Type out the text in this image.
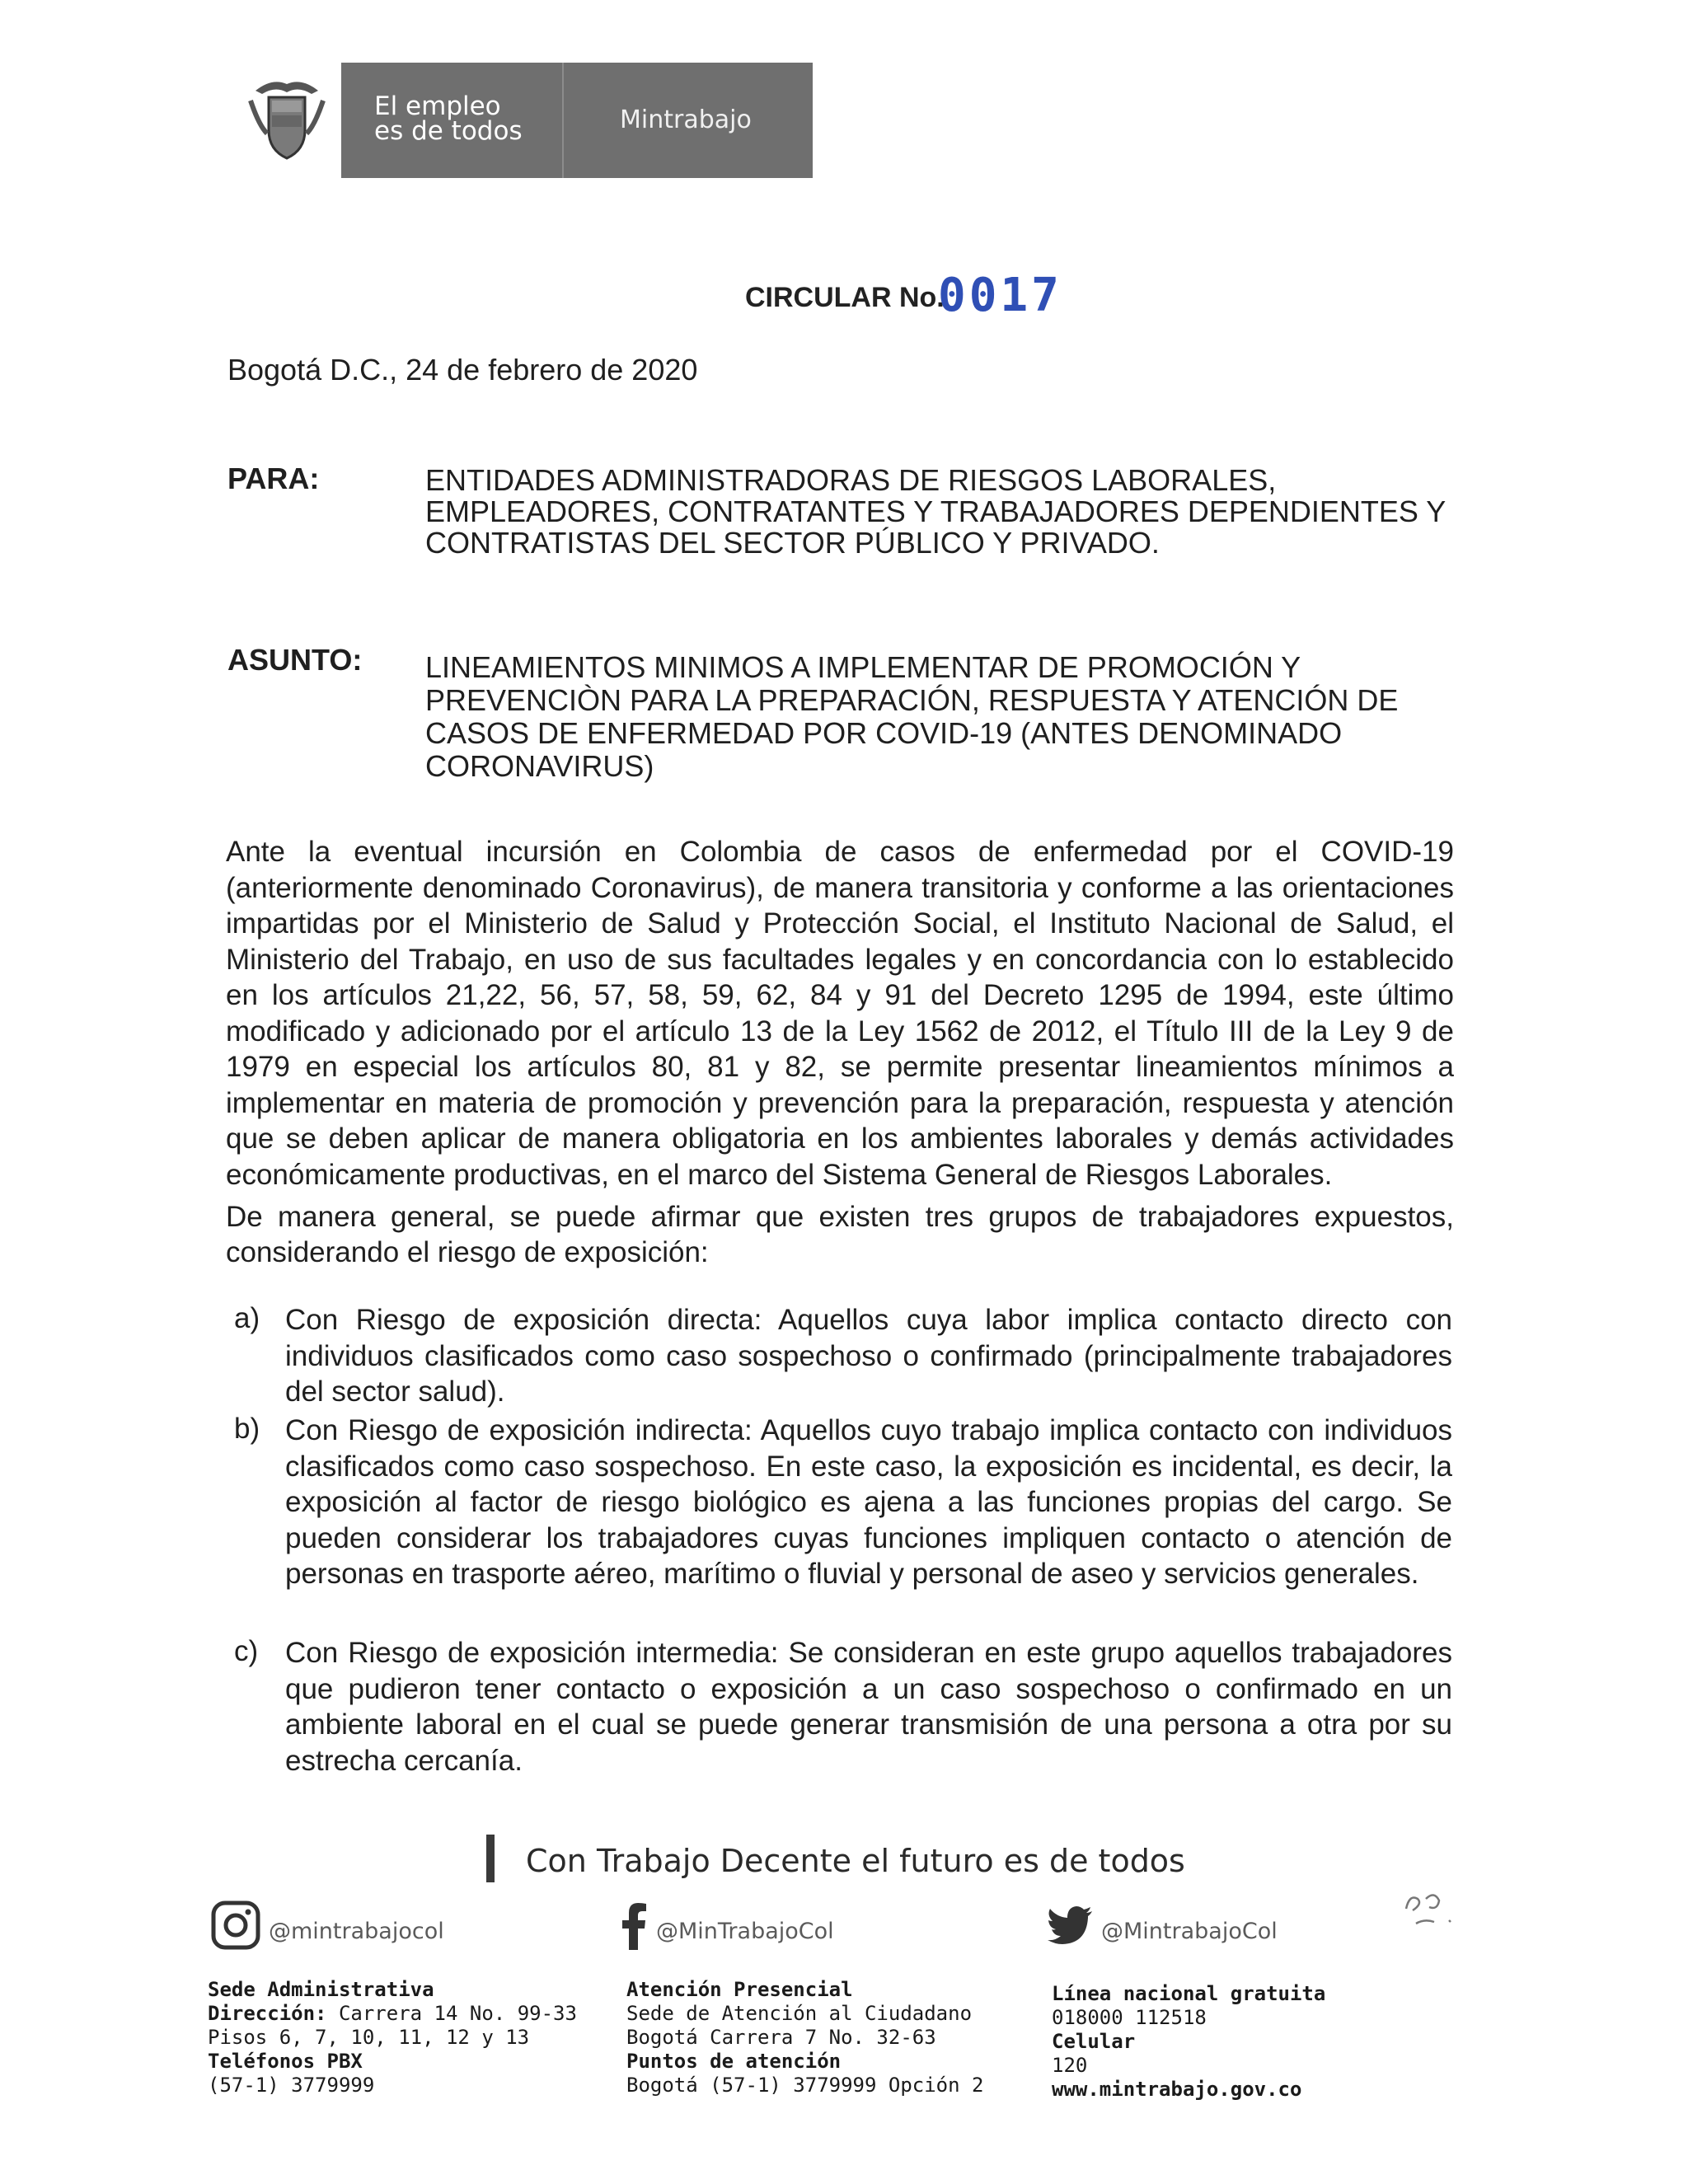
El empleo
es de todos	Mintrabajo
CIRCULAR No.
0017
Bogotá D.C., 24 de febrero de 2020
PARA:	ENTIDADES ADMINISTRADORAS DE RIESGOS LABORALES, EMPLEADORES, CONTRATANTES Y TRABAJADORES DEPENDIENTES Y CONTRATISTAS DEL SECTOR PÚBLICO Y PRIVADO.
ASUNTO: LINEAMIENTOS MINIMOS A IMPLEMENTAR DE PROMOCIÓN Y PREVENCIÒN PARA LA PREPARACIÓN, RESPUESTA Y ATENCIÓN DE CASOS DE ENFERMEDAD POR COVID-19 (ANTES DENOMINADO CORONAVIRUS)
Ante la eventual incursión en Colombia de casos de enfermedad por el COVID-19 (anteriormente denominado Coronavirus), de manera transitoria y conforme a las orientaciones impartidas por el Ministerio de Salud y Protección Social, el Instituto Nacional de Salud, el Ministerio del Trabajo, en uso de sus facultades legales y en concordancia con lo establecido en los artículos 21,22, 56, 57, 58, 59, 62, 84 y 91 del Decreto 1295 de 1994, este último modificado y adicionado por el artículo 13 de la Ley 1562 de 2012, el Título III de la Ley 9 de 1979 en especial los artículos 80, 81 y 82, se permite presentar lineamientos mínimos a implementar en materia de promoción y prevención para la preparación, respuesta y atención que se deben aplicar de manera obligatoria en los ambientes laborales y demás actividades económicamente productivas, en el marco del Sistema General de Riesgos Laborales.
De manera general, se puede afirmar que existen tres grupos de trabajadores expuestos, considerando el riesgo de exposición:
a) Con Riesgo de exposición directa: Aquellos cuya labor implica contacto directo con individuos clasificados como caso sospechoso o confirmado (principalmente trabajadores del sector salud).
b) Con Riesgo de exposición indirecta: Aquellos cuyo trabajo implica contacto con individuos clasificados como caso sospechoso. En este caso, la exposición es incidental, es decir, la exposición al factor de riesgo biológico es ajena a las funciones propias del cargo. Se pueden considerar los trabajadores cuyas funciones impliquen contacto o atención de personas en trasporte aéreo, marítimo o fluvial y personal de aseo y servicios generales.
c) Con Riesgo de exposición intermedia: Se consideran en este grupo aquellos trabajadores que pudieron tener contacto o exposición a un caso sospechoso o confirmado en un ambiente laboral en el cual se puede generar transmisión de una persona a otra por su estrecha cercanía.
Con Trabajo Decente el futuro es de todos
@mintrabajocol	@MinTrabajoCol	@MintrabajoCol
Sede Administrativa
Dirección: Carrera 14 No. 99-33
Pisos 6, 7, 10, 11, 12 y 13
Teléfonos PBX
(57-1) 3779999
Atención Presencial
Sede de Atención al Ciudadano
Bogotá Carrera 7 No. 32-63
Puntos de atención
Bogotá (57-1) 3779999 Opción 2
Línea nacional gratuita
018000 112518
Celular
120
www.mintrabajo.gov.co
